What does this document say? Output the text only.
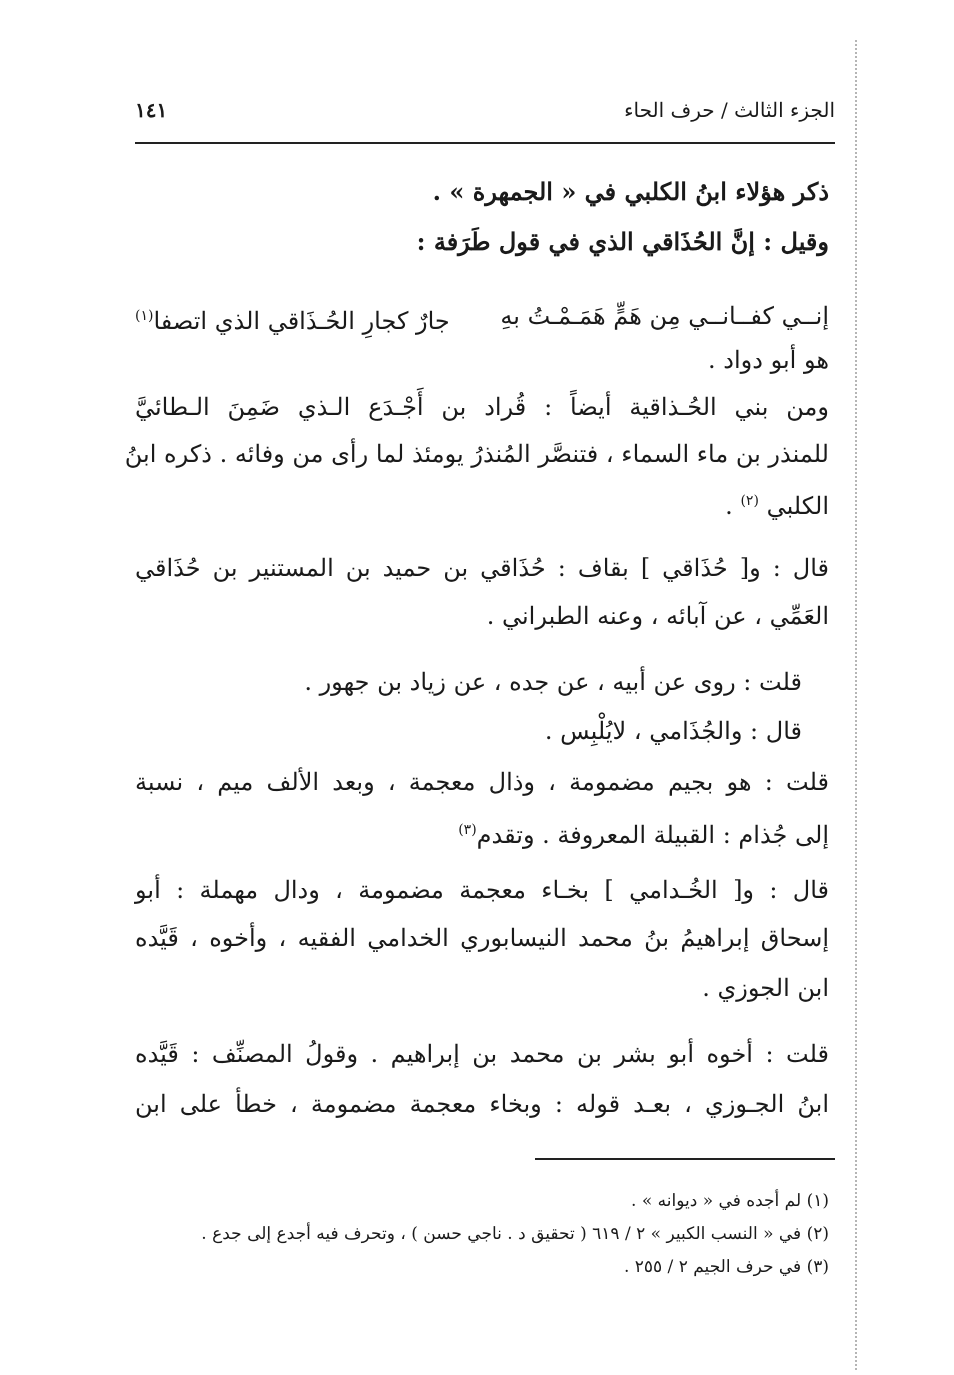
الجزء الثالث / حرف الحاء
١٤١
ذكر هؤلاء ابنُ الكلبي في « الجمهرة » .
وقيل : إنَّ الحُذَاقي الذي في قول طَرَفة :
إنــي كفــانــي مِن هَمٍّ هَمَـمْـتُ بهِ
جارٌ كجارِ الحُـذَاقي الذي اتصفا$^{(١)}$
هو أبو دواد .
ومن بني الحُـذاقية أيضاً : قُراد بن أَجْـدَع الـذي ضَمِنَ الـطائيَّ
للمنذر بن ماء السماء ، فتنصَّر المُنذرُ يومئذ لما رأى من وفائه . ذكره ابنُ
الكلبي $^{(٢)}$ .
قال : و[ حُذَاقي ] بقاف : حُذَاقي بن حميد بن المستنير بن حُذَاقي
العَمِّي ، عن آبائه ، وعنه الطبراني .
قلت : روى عن أبيه ، عن جده ، عن زياد بن جهور .
قال : والجُذَامي ، لايُلْبِس .
قلت : هو بجيم مضمومة ، وذال معجمة ، وبعد الألف ميم ، نسبة
إلى جُذام : القبيلة المعروفة . وتقدم$^{(٣)}$
قال : و[ الخُـدامي ] بخـاء معجمة مضمومة ، ودال مهملة : أبو
إسحاق إبراهيمُ بنُ محمد النيسابوري الخدامي الفقيه ، وأخوه ، قَيَّده
ابن الجوزي .
قلت : أخوه أبو بشر بن محمد بن إبراهيم . وقولُ المصنِّف : قَيَّده
ابنُ الجـوزي ، بعـد قوله : وبخاء معجمة مضمومة ، خطأ على ابن
(١) لم أجده في « ديوانه » .
(٢) في « النسب الكبير » ٢ / ٦١٩ ( تحقيق د . ناجي حسن ) ، وتحرف فيه أجدع إلى جدع .
(٣) في حرف الجيم ٢ / ٢٥٥ .
